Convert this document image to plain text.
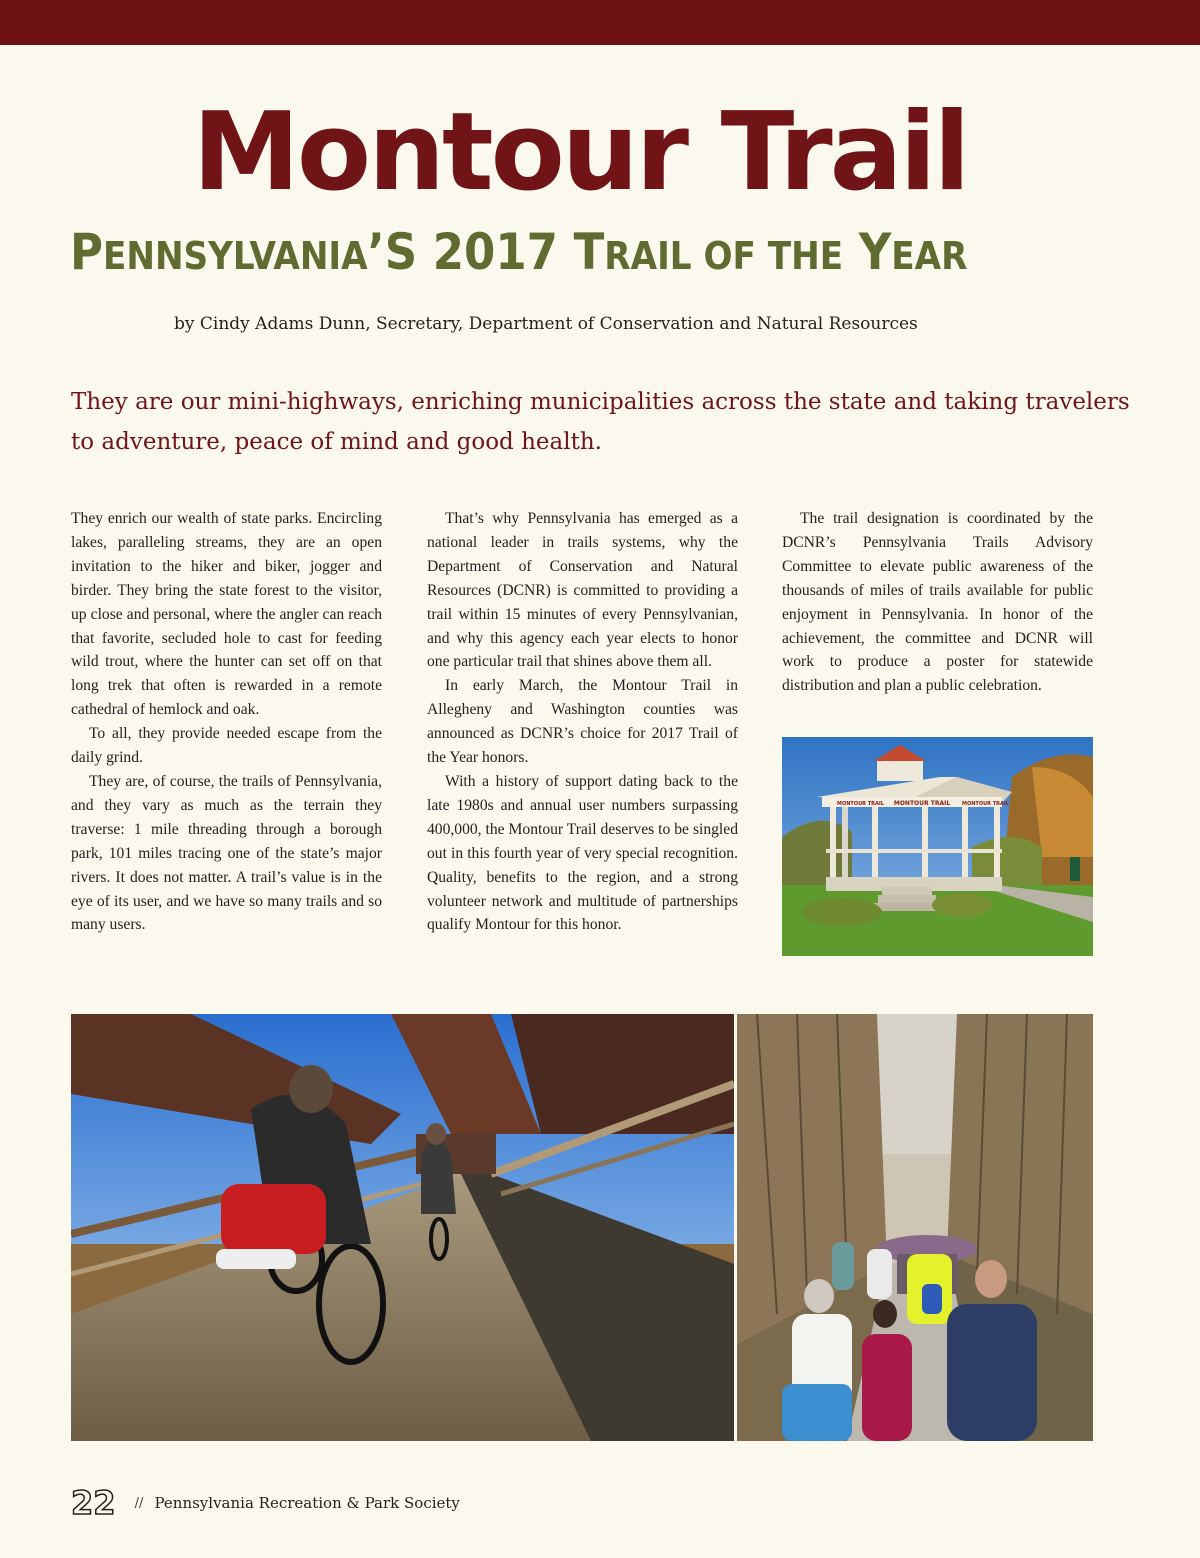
Montour Trail
PENNSYLVANIA’S 2017 TRAIL OF THE YEAR
by Cindy Adams Dunn, Secretary, Department of Conservation and Natural Resources
They are our mini-highways, enriching municipalities across the state and taking travelers to adventure, peace of mind and good health.

They enrich our wealth of state parks. Encircling lakes, paralleling streams, they are an open invitation to the hiker and biker, jogger and birder. They bring the state forest to the visitor, up close and personal, where the angler can reach that favorite, secluded hole to cast for feeding wild trout, where the hunter can set off on that long trek that often is rewarded in a remote cathedral of hemlock and oak.

To all, they provide needed escape from the daily grind.

They are, of course, the trails of Pennsylvania, and they vary as much as the terrain they traverse: 1 mile threading through a borough park, 101 miles tracing one of the state’s major rivers. It does not matter. A trail’s value is in the eye of its user, and we have so many trails and so many users.

That’s why Pennsylvania has emerged as a national leader in trails systems, why the Department of Conservation and Natural Resources (DCNR) is committed to providing a trail within 15 minutes of every Pennsylvanian, and why this agency each year elects to honor one particular trail that shines above them all.

In early March, the Montour Trail in Allegheny and Washington counties was announced as DCNR’s choice for 2017 Trail of the Year honors.

With a history of support dating back to the late 1980s and annual user numbers surpassing 400,000, the Montour Trail deserves to be singled out in this fourth year of very special recognition. Quality, benefits to the region, and a strong volunteer network and multitude of partnerships qualify Montour for this honor.

The trail designation is coordinated by the DCNR’s Pennsylvania Trails Advisory Committee to elevate public awareness of the thousands of miles of trails available for public enjoyment in Pennsylvania. In honor of the achievement, the committee and DCNR will work to produce a poster for statewide distribution and plan a public celebration.

MONTOUR TRAIL
MONTOUR TRAIL	MONTOUR TRAIL
22 // Pennsylvania Recreation & Park Society
